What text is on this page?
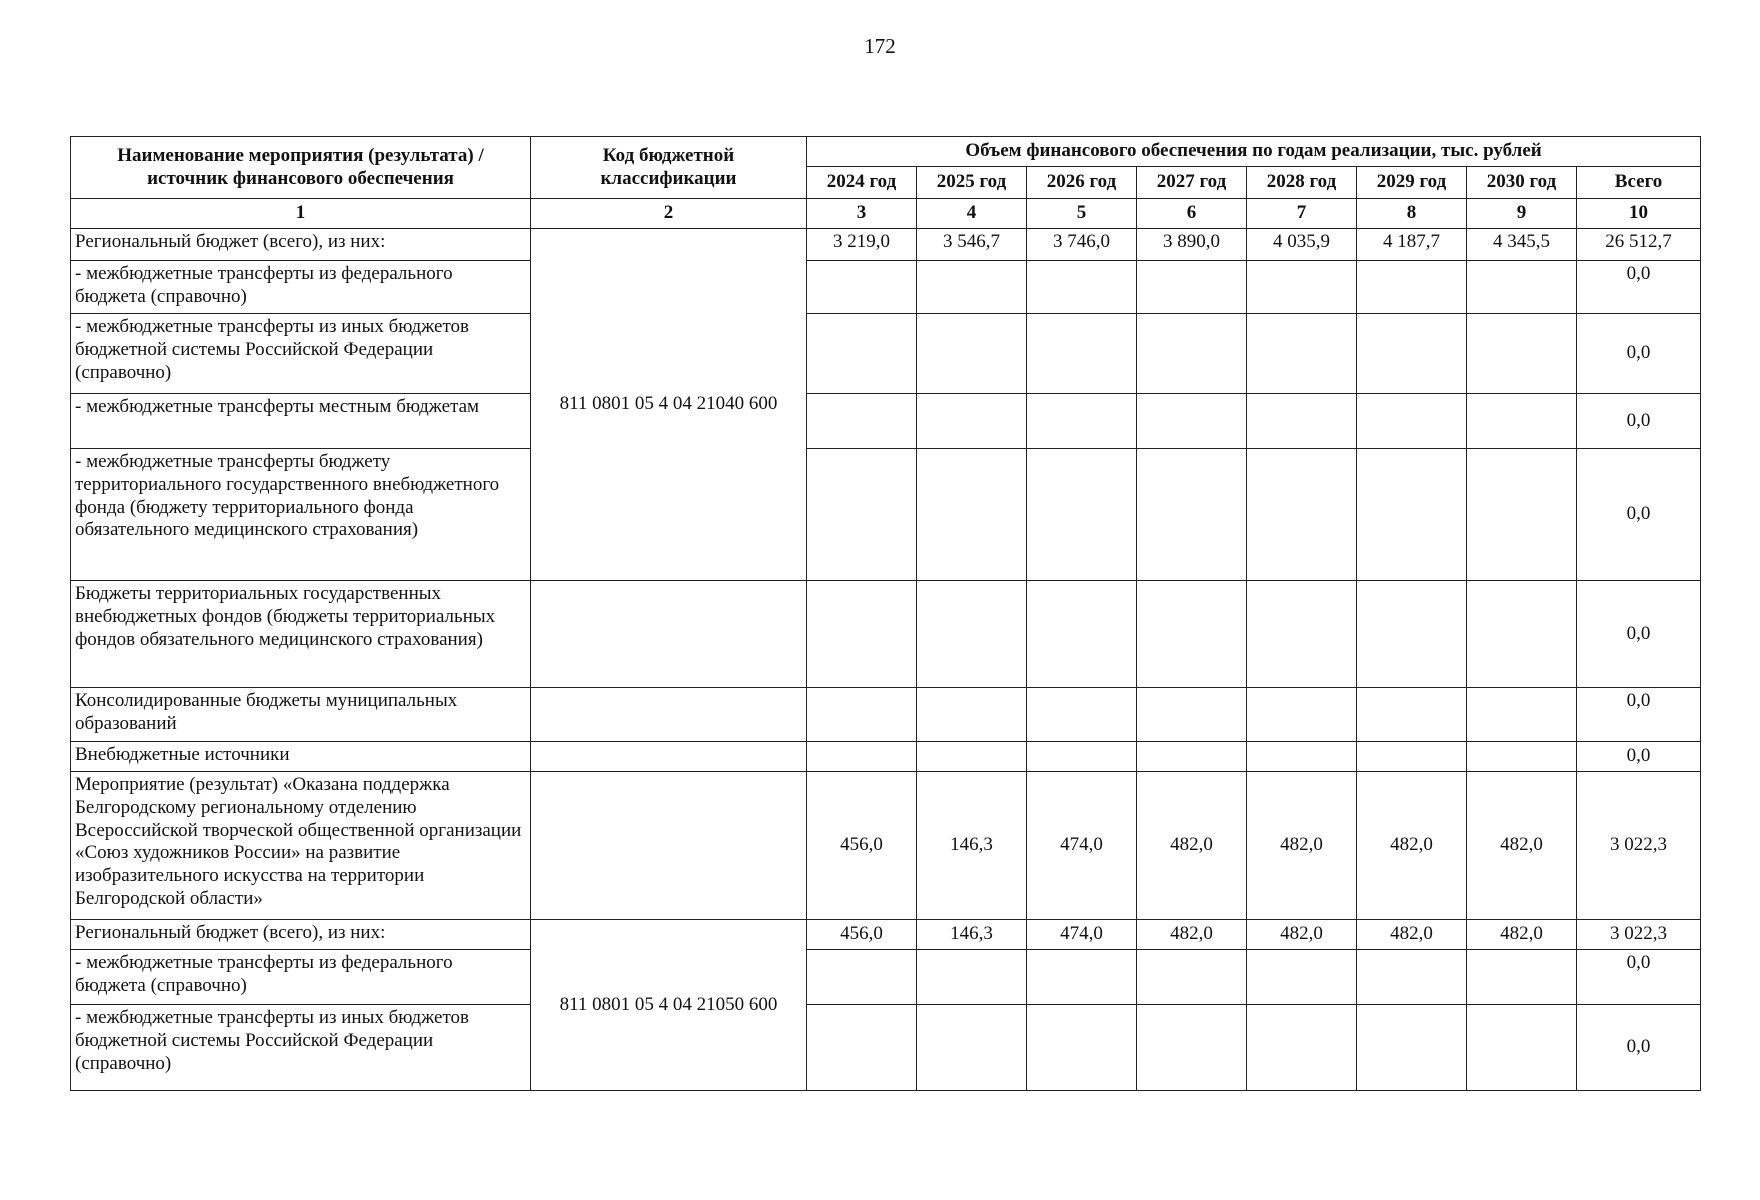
172
Наименование мероприятия (результата) / источник финансового обеспечения	Код бюджетной классификации	Объем финансового обеспечения по годам реализации, тыс. рублей							
		2024 год	2025 год	2026 год	2027 год	2028 год	2029 год	2030 год	Всего
1	2	3	4	5	6	7	8	9	10
Региональный бюджет (всего), из них:	811 0801 05 4 04 21040 600	3 219,0	3 546,7	3 746,0	3 890,0	4 035,9	4 187,7	4 345,5	26 512,7
- межбюджетные трансферты из федерального бюджета (справочно)									0,0
- межбюджетные трансферты из иных бюджетов бюджетной системы Российской Федерации (справочно)									0,0
- межбюджетные трансферты местным бюджетам									0,0
- межбюджетные трансферты бюджету территориального государственного внебюджетного фонда (бюджету территориального фонда обязательного медицинского страхования)									0,0
Бюджеты территориальных государственных внебюджетных фондов (бюджеты территориальных фондов обязательного медицинского страхования)									0,0
Консолидированные бюджеты муниципальных образований									0,0
Внебюджетные источники									0,0
Мероприятие (результат) «Оказана поддержка Белгородскому региональному отделению Всероссийской творческой общественной организации «Союз художников России» на развитие изобразительного искусства на территории Белгородской области»		456,0	146,3	474,0	482,0	482,0	482,0	482,0	3 022,3
Региональный бюджет (всего), из них:	811 0801 05 4 04 21050 600	456,0	146,3	474,0	482,0	482,0	482,0	482,0	3 022,3
- межбюджетные трансферты из федерального бюджета (справочно)									0,0
- межбюджетные трансферты из иных бюджетов бюджетной системы Российской Федерации (справочно)									0,0
